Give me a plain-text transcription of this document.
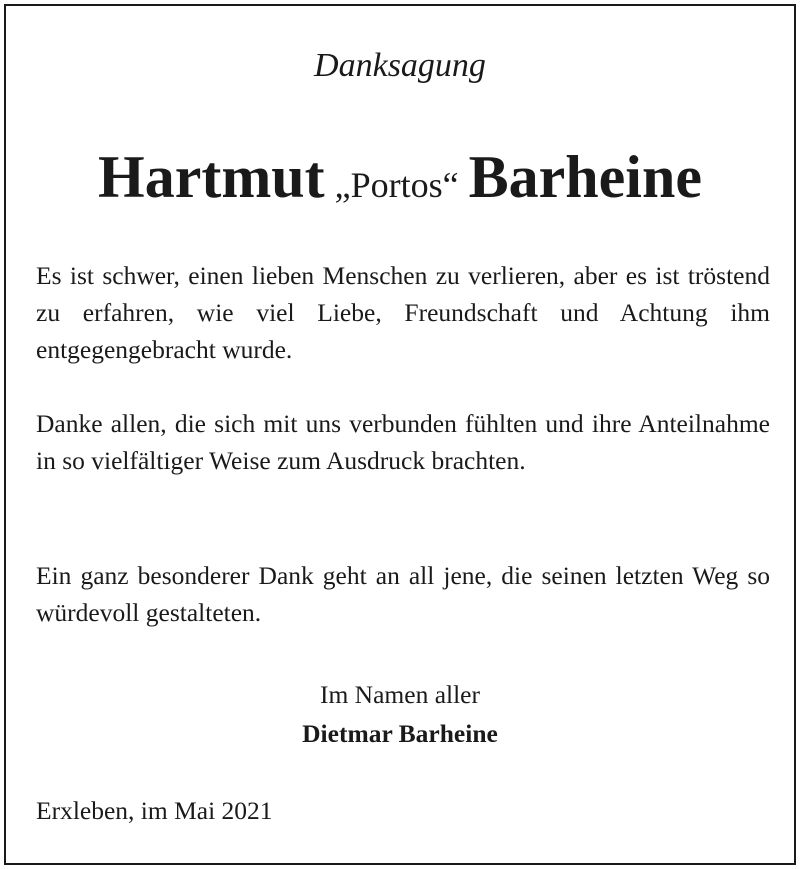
Danksagung
Hartmut „Portos“ Barheine

Es ist schwer, einen lieben Menschen zu verlieren, aber es ist tröstend zu erfahren, wie viel Liebe, Freundschaft und Achtung ihm entgegengebracht wurde.

Danke allen, die sich mit uns verbunden fühlten und ihre Anteilnahme in so vielfältiger Weise zum Ausdruck brachten.

Ein ganz besonderer Dank geht an all jene, die seinen letzten Weg so würdevoll gestalteten.

Im Namen aller
Dietmar Barheine
Erxleben, im Mai 2021
